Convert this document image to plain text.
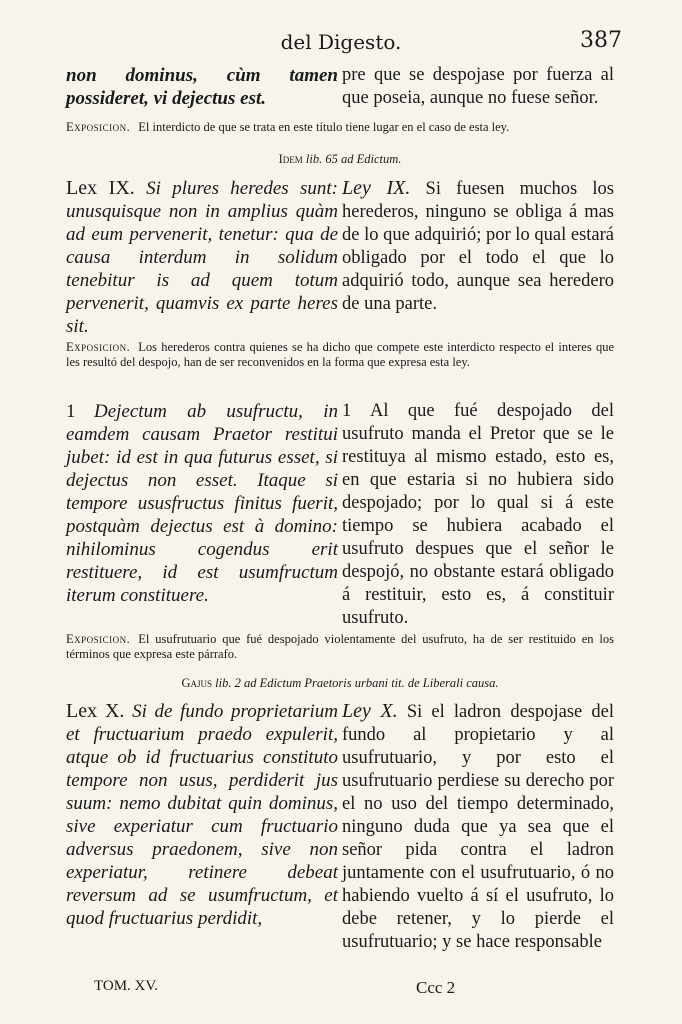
del Digesto.	387
non dominus, cùm tamen possideret, vi dejectus est.
pre que se despojase por fuerza al que poseia, aunque no fuese señor.
Exposicion. El interdicto de que se trata en este título tiene lugar en el caso de esta ley.
Idem lib. 65 ad Edictum.
Lex IX. Si plures heredes sunt: unusquisque non in amplius quàm ad eum pervenerit, tenetur: qua de causa interdum in solidum tenebitur is ad quem totum pervenerit, quamvis ex parte heres sit.
Ley IX. Si fuesen muchos los herederos, ninguno se obliga á mas de lo que adquirió; por lo qual estará obligado por el todo el que lo adquirió todo, aunque sea heredero de una parte.
Exposicion. Los herederos contra quienes se ha dicho que compete este interdicto respecto el interes que les resultó del despojo, han de ser reconvenidos en la forma que expresa esta ley.
1 Dejectum ab usufructu, in eamdem causam Praetor restitui jubet: id est in qua futurus esset, si dejectus non esset. Itaque si tempore ususfructus finitus fuerit, postquàm dejectus est à domino: nihilominus cogendus erit restituere, id est usumfructum iterum constituere.
1 Al que fué despojado del usufruto manda el Pretor que se le restituya al mismo estado, esto es, en que estaria si no hubiera sido despojado; por lo qual si á este tiempo se hubiera acabado el usufruto despues que el señor le despojó, no obstante estará obligado á restituir, esto es, á constituir usufruto.
Exposicion. El usufrutuario que fué despojado violentamente del usufruto, ha de ser restituido en los términos que expresa este párrafo.
Gajus lib. 2 ad Edictum Praetoris urbani tit. de Liberali causa.
Lex X. Si de fundo proprietarium et fructuarium praedo expulerit, atque ob id fructuarius constituto tempore non usus, perdiderit jus suum: nemo dubitat quin dominus, sive experiatur cum fructuario adversus praedonem, sive non experiatur, retinere debeat reversum ad se usumfructum, et quod fructuarius perdidit,
Ley X. Si el ladron despojase del fundo al propietario y al usufrutuario, y por esto el usufrutuario perdiese su derecho por el no uso del tiempo determinado, ninguno duda que ya sea que el señor pida contra el ladron juntamente con el usufrutuario, ó no habiendo vuelto á sí el usufruto, lo debe retener, y lo pierde el usufrutuario; y se hace responsable
TOM. XV.	Ccc 2
